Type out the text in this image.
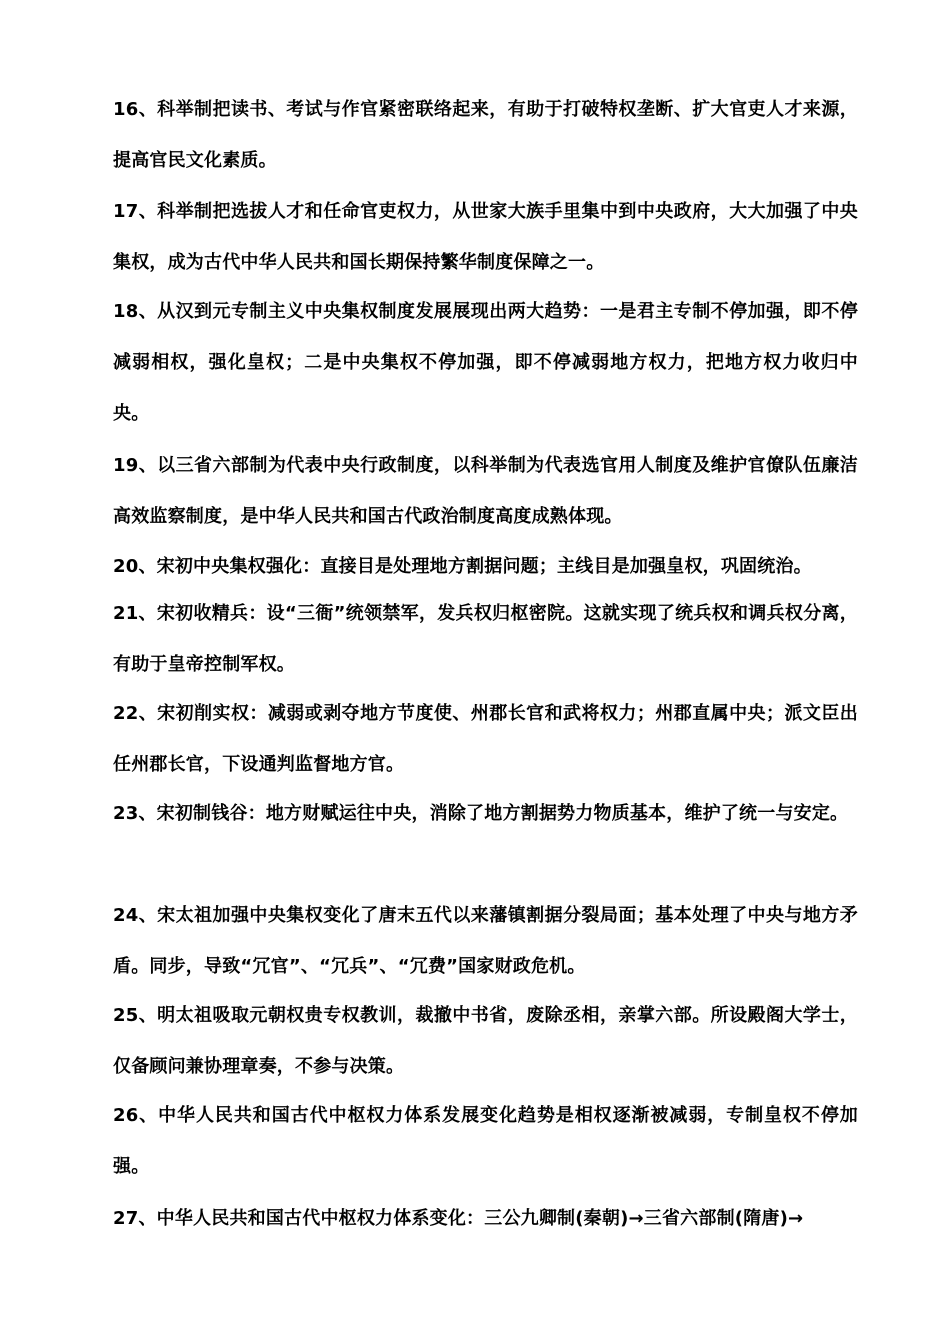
16、科举制把读书、考试与作官紧密联络起来，有助于打破特权垄断、扩大官吏人才来源，提高官民文化素质。

17、科举制把选拔人才和任命官吏权力，从世家大族手里集中到中央政府，大大加强了中央集权，成为古代中华人民共和国长期保持繁华制度保障之一。

18、从汉到元专制主义中央集权制度发展展现出两大趋势：一是君主专制不停加强，即不停减弱相权，强化皇权；二是中央集权不停加强，即不停减弱地方权力，把地方权力收归中央。

19、以三省六部制为代表中央行政制度，以科举制为代表选官用人制度及维护官僚队伍廉洁高效监察制度，是中华人民共和国古代政治制度高度成熟体现。

20、宋初中央集权强化：直接目是处理地方割据问题；主线目是加强皇权，巩固统治。

21、宋初收精兵：设“三衙”统领禁军，发兵权归枢密院。这就实现了统兵权和调兵权分离，有助于皇帝控制军权。

22、宋初削实权：减弱或剥夺地方节度使、州郡长官和武将权力；州郡直属中央；派文臣出任州郡长官，下设通判监督地方官。

23、宋初制钱谷：地方财赋运往中央，消除了地方割据势力物质基本，维护了统一与安定。

24、宋太祖加强中央集权变化了唐末五代以来藩镇割据分裂局面；基本处理了中央与地方矛盾。同步，导致“冗官”、“冗兵”、“冗费”国家财政危机。

25、明太祖吸取元朝权贵专权教训，裁撤中书省，废除丞相，亲掌六部。所设殿阁大学士，仅备顾问兼协理章奏，不参与决策。

26、中华人民共和国古代中枢权力体系发展变化趋势是相权逐渐被减弱，专制皇权不停加强。

27、中华人民共和国古代中枢权力体系变化：三公九卿制(秦朝)→三省六部制(隋唐)→
